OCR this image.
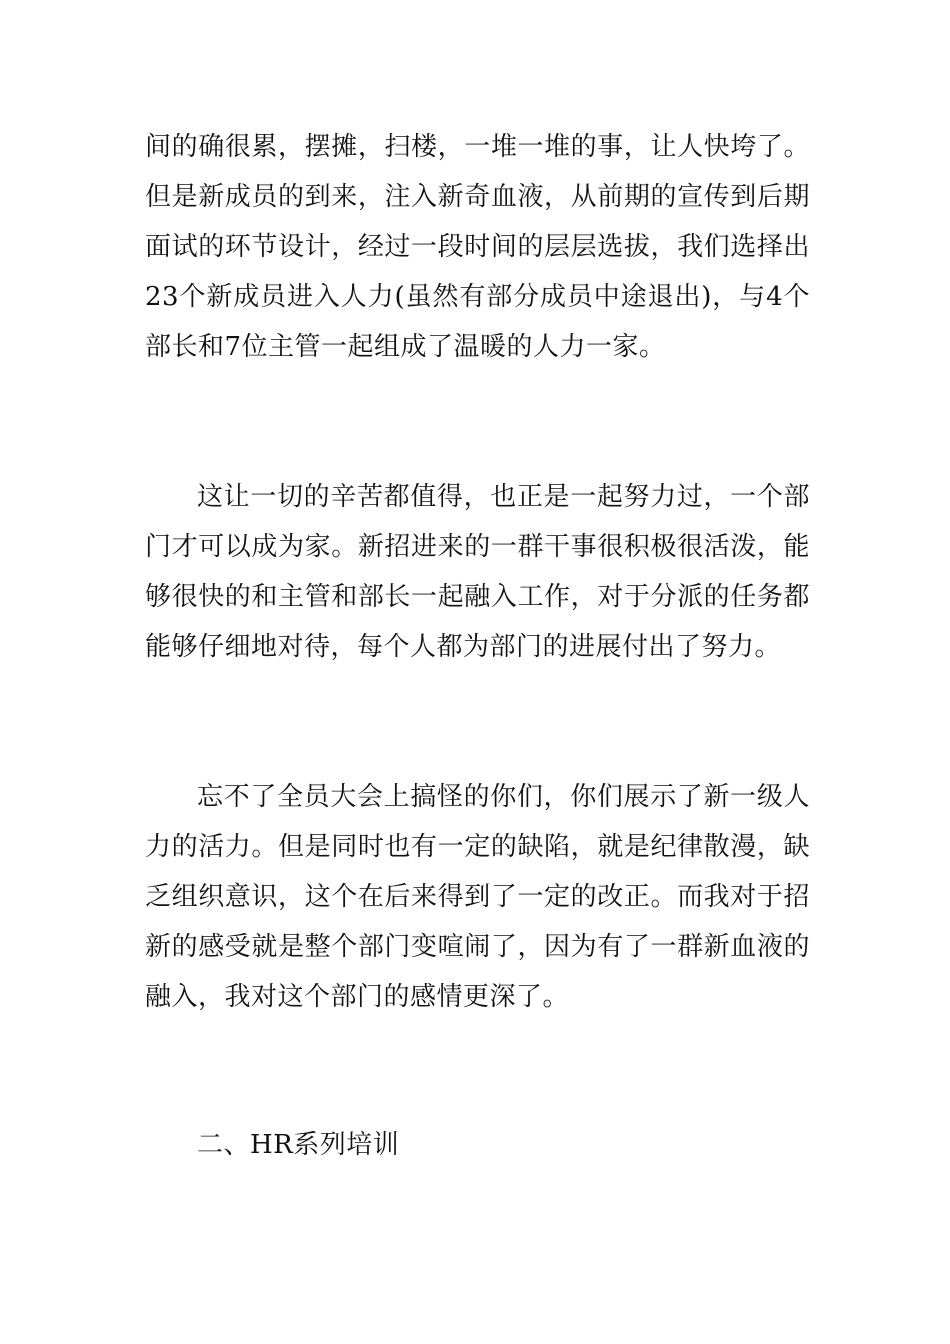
间的确很累，摆摊，扫楼，一堆一堆的事，让人快垮了。但是新成员的到来，注入新奇血液，从前期的宣传到后期面试的环节设计，经过一段时间的层层选拔，我们选择出23个新成员进入人力(虽然有部分成员中途退出)，与4个部长和7位主管一起组成了温暖的人力一家。

这让一切的辛苦都值得，也正是一起努力过，一个部门才可以成为家。新招进来的一群干事很积极很活泼，能够很快的和主管和部长一起融入工作，对于分派的任务都能够仔细地对待，每个人都为部门的进展付出了努力。

忘不了全员大会上搞怪的你们，你们展示了新一级人力的活力。但是同时也有一定的缺陷，就是纪律散漫，缺乏组织意识，这个在后来得到了一定的改正。而我对于招新的感受就是整个部门变喧闹了，因为有了一群新血液的融入，我对这个部门的感情更深了。

二、HR系列培训
